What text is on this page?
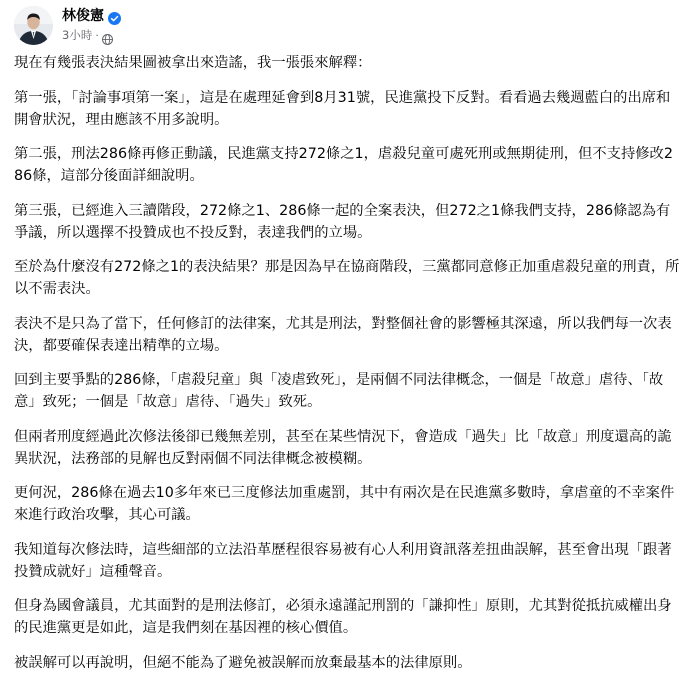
林俊憲
3小時 ·

現在有幾張表決結果圖被拿出來造謠，我一張張來解釋：

第一張，「討論事項第一案」，這是在處理延會到8月31號，民進黨投下反對。看看過去幾週藍白的出席和開會狀況，理由應該不用多說明。

第二張，刑法286條再修正動議，民進黨支持272條之1，虐殺兒童可處死刑或無期徒刑，但不支持修改286條，這部分後面詳細說明。

第三張，已經進入三讀階段，272條之1、286條一起的全案表決，但272之1條我們支持，286條認為有爭議，所以選擇不投贊成也不投反對，表達我們的立場。

至於為什麼沒有272條之1的表決結果？那是因為早在協商階段，三黨都同意修正加重虐殺兒童的刑責，所以不需表決。

表決不是只為了當下，任何修訂的法律案，尤其是刑法，對整個社會的影響極其深遠，所以我們每一次表決，都要確保表達出精準的立場。

回到主要爭點的286條，「虐殺兒童」與「凌虐致死」，是兩個不同法律概念，一個是「故意」虐待、「故意」致死；一個是「故意」虐待、「過失」致死。

但兩者刑度經過此次修法後卻已幾無差別，甚至在某些情況下，會造成「過失」比「故意」刑度還高的詭異狀況，法務部的見解也反對兩個不同法律概念被模糊。

更何況，286條在過去10多年來已三度修法加重處罰，其中有兩次是在民進黨多數時，拿虐童的不幸案件來進行政治攻擊，其心可議。

我知道每次修法時，這些細部的立法沿革歷程很容易被有心人利用資訊落差扭曲誤解，甚至會出現「跟著投贊成就好」這種聲音。

但身為國會議員，尤其面對的是刑法修訂，必須永遠謹記刑罰的「謙抑性」原則，尤其對從抵抗威權出身的民進黨更是如此，這是我們刻在基因裡的核心價值。

被誤解可以再說明，但絕不能為了避免被誤解而放棄最基本的法律原則。
